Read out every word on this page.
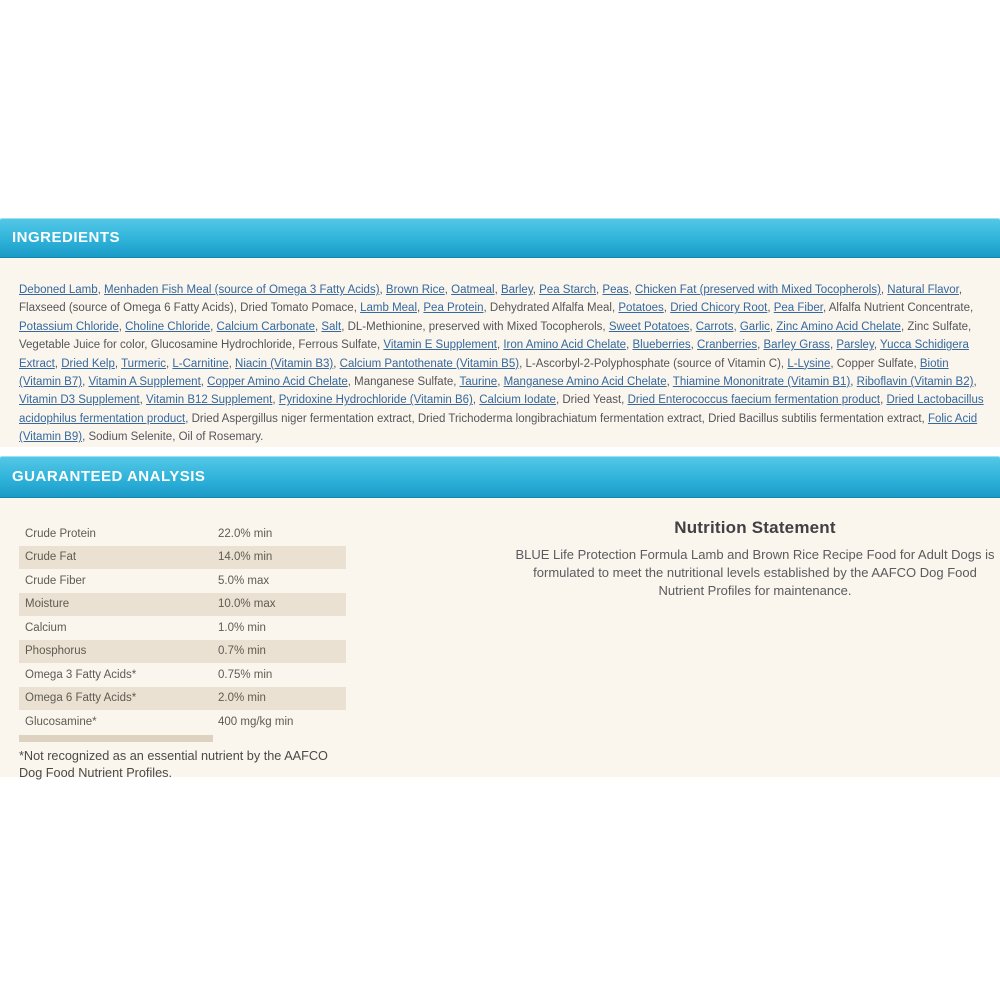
INGREDIENTS

Deboned Lamb, Menhaden Fish Meal (source of Omega 3 Fatty Acids), Brown Rice, Oatmeal, Barley, Pea Starch, Peas, Chicken Fat (preserved with Mixed Tocopherols), Natural Flavor, Flaxseed (source of Omega 6 Fatty Acids), Dried Tomato Pomace, Lamb Meal, Pea Protein, Dehydrated Alfalfa Meal, Potatoes, Dried Chicory Root, Pea Fiber, Alfalfa Nutrient Concentrate, Potassium Chloride, Choline Chloride, Calcium Carbonate, Salt, DL-Methionine, preserved with Mixed Tocopherols, Sweet Potatoes, Carrots, Garlic, Zinc Amino Acid Chelate, Zinc Sulfate, Vegetable Juice for color, Glucosamine Hydrochloride, Ferrous Sulfate, Vitamin E Supplement, Iron Amino Acid Chelate, Blueberries, Cranberries, Barley Grass, Parsley, Yucca Schidigera Extract, Dried Kelp, Turmeric, L-Carnitine, Niacin (Vitamin B3), Calcium Pantothenate (Vitamin B5), L-Ascorbyl-2-Polyphosphate (source of Vitamin C), L-Lysine, Copper Sulfate, Biotin (Vitamin B7), Vitamin A Supplement, Copper Amino Acid Chelate, Manganese Sulfate, Taurine, Manganese Amino Acid Chelate, Thiamine Mononitrate (Vitamin B1), Riboflavin (Vitamin B2), Vitamin D3 Supplement, Vitamin B12 Supplement, Pyridoxine Hydrochloride (Vitamin B6), Calcium Iodate, Dried Yeast, Dried Enterococcus faecium fermentation product, Dried Lactobacillus acidophilus fermentation product, Dried Aspergillus niger fermentation extract, Dried Trichoderma longibrachiatum fermentation extract, Dried Bacillus subtilis fermentation extract, Folic Acid (Vitamin B9), Sodium Selenite, Oil of Rosemary.

GUARANTEED ANALYSIS
Crude Protein	22.0% min
Crude Fat	14.0% min
Crude Fiber	5.0% max
Moisture	10.0% max
Calcium	1.0% min
Phosphorus	0.7% min
Omega 3 Fatty Acids*	0.75% min
Omega 6 Fatty Acids*	2.0% min
Glucosamine*	400 mg/kg min

*Not recognized as an essential nutrient by the AAFCO Dog Food Nutrient Profiles.

Nutrition Statement

BLUE Life Protection Formula Lamb and Brown Rice Recipe Food for Adult Dogs is formulated to meet the nutritional levels established by the AAFCO Dog Food Nutrient Profiles for maintenance.
